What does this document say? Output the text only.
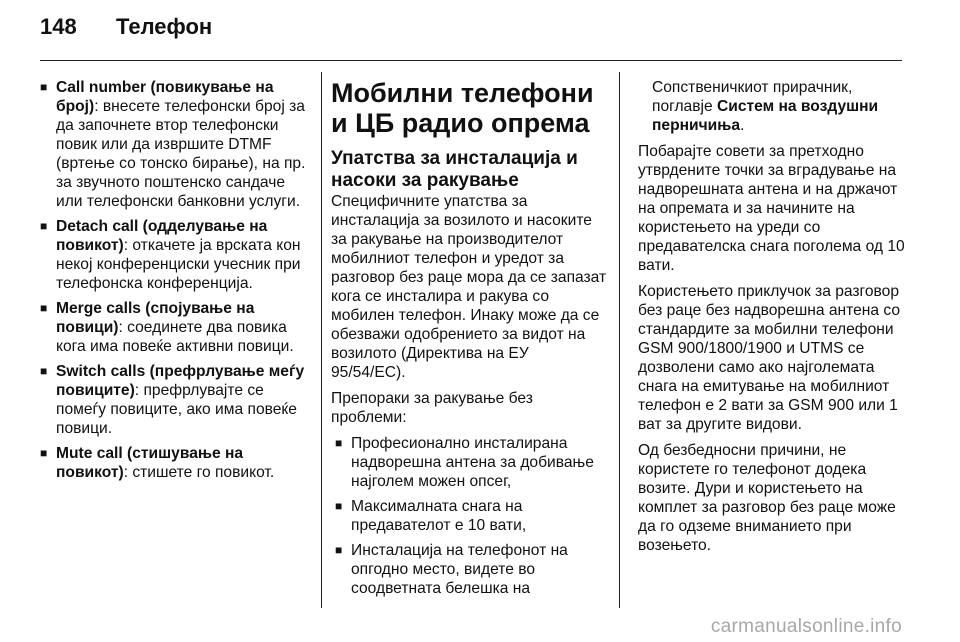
148	Телефон
■ Call number (повикување на број): внесете телефонски број за да започнете втор телефонски повик или да извршите DTMF (вртење со тонско бирање), на пр. за звучното поштенско сандаче или телефонски банковни услуги.
■ Detach call (одделување на повикот): откачете ја врската кон некој конференциски учесник при телефонска конференција.
■ Merge calls (спојување на повици): соединете два повика кога има повеќе активни повици.
■ Switch calls (префрлување меѓу повиците): префрлувајте се помеѓу повиците, ако има повеќе повици.
■ Mute call (стишување на повикот): стишете го повикот.
Мобилни телефони и ЦБ радио опрема
Упатства за инсталација и насоки за ракување

Специфичните упатства за инсталација за возилото и насоките за ракување на производителот мобилниот телефон и уредот за разговор без раце мора да се запазат кога се инсталира и ракува со мобилен телефон. Инаку може да се обезважи одобрението за видот на возилото (Директива на ЕУ 95/54/EC).

Препораки за ракување без проблеми:

■ Професионално инсталирана надворешна антена за добивање најголем можен опсег,
■ Максималната снага на предавателот е 10 вати,
■ Инсталација на телефонот на опгодно место, видете во соодветната белешка на

Сопственичкиот прирачник, поглавје Систем на воздушни перничиња.

Побарајте совети за претходно утврдените точки за вградување на надворешната антена и на држачот на опремата и за начините на користењето на уреди со предавателска снага поголема од 10 вати.

Користењето приклучок за разговор без раце без надворешна антена со стандардите за мобилни телефони GSM 900/1800/1900 и UTMS се дозволени само ако најголемата снага на емитување на мобилниот телефон е 2 вати за GSM 900 или 1 ват за другите видови.

Од безбедносни причини, не користете го телефонот додека возите. Дури и користењето на комплет за разговор без раце може да го одземе вниманието при возењето.

carmanualsonline.info
